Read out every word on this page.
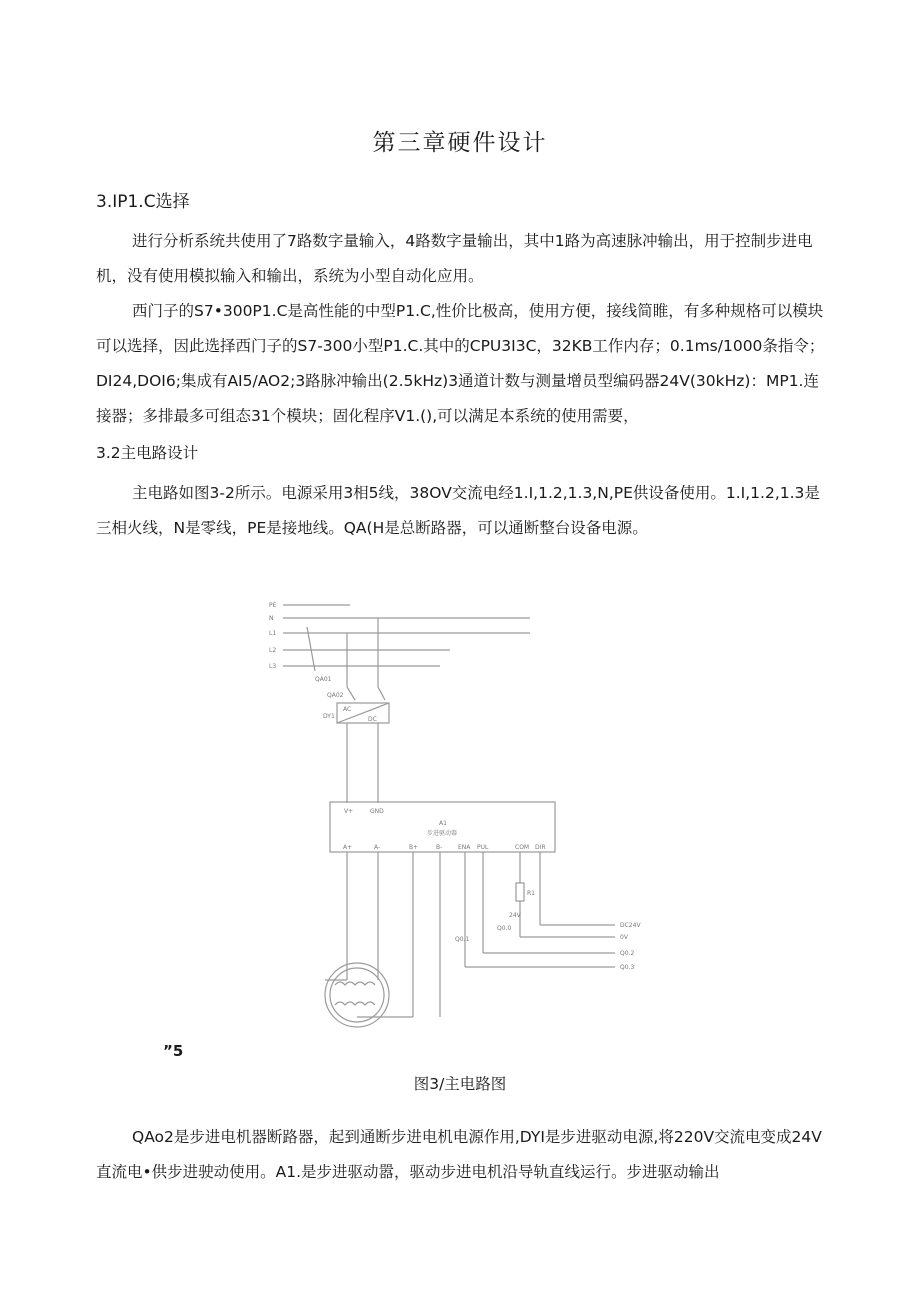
第三章硬件设计
3.IP1.C选择

进行分析系统共使用了7路数字量输入，4路数字量输出，其中1路为高速脉冲输出，用于控制步进电机，没有使用模拟输入和输出，系统为小型自动化应用。

西门子的S7•300P1.C是高性能的中型P1.C,性价比极高，使用方便，接线简睢，有多种规格可以模块可以选择，因此选择西门子的S7-300小型P1.C.其中的CPU3I3C，32KB工作内存；0.1ms/1000条指令；DI24,DOI6;集成有AI5/AO2;3路脉冲输出(2.5kHz)3通道计数与测量增员型编码器24V(30kHz)：MP1.连接器；多排最多可组态31个模块；固化程序V1.(),可以满足本系统的使用需要，

3.2主电路设计

主电路如图3-2所示。电源采用3相5线，38OV交流电经1.I,1.2,1.3,N,PE供设备使用。1.I,1.2,1.3是三相火线，N是零线，PE是接地线。QA(H是总断路器，可以通断整台设备电源。

PE
N
L1
L2
L3
QA01
QA02
DY1
AC
DC
V+	GND
A1
步进驱动器
A+	A-	B+	B-	ENA PUL	COM DIR
R1
24V
DC24V
0V
Q0.1
Q0.0
Q0.2
Q0.3
”5
图3/主电路图

QAo2是步进电机器断路器，起到通断步进电机电源作用,DYI是步进驱动电源,将220V交流电变成24V直流电•供步进驶动使用。A1.是步进驱动嚣，驱动步进电机沿导轨直线运行。步进驱动输出
